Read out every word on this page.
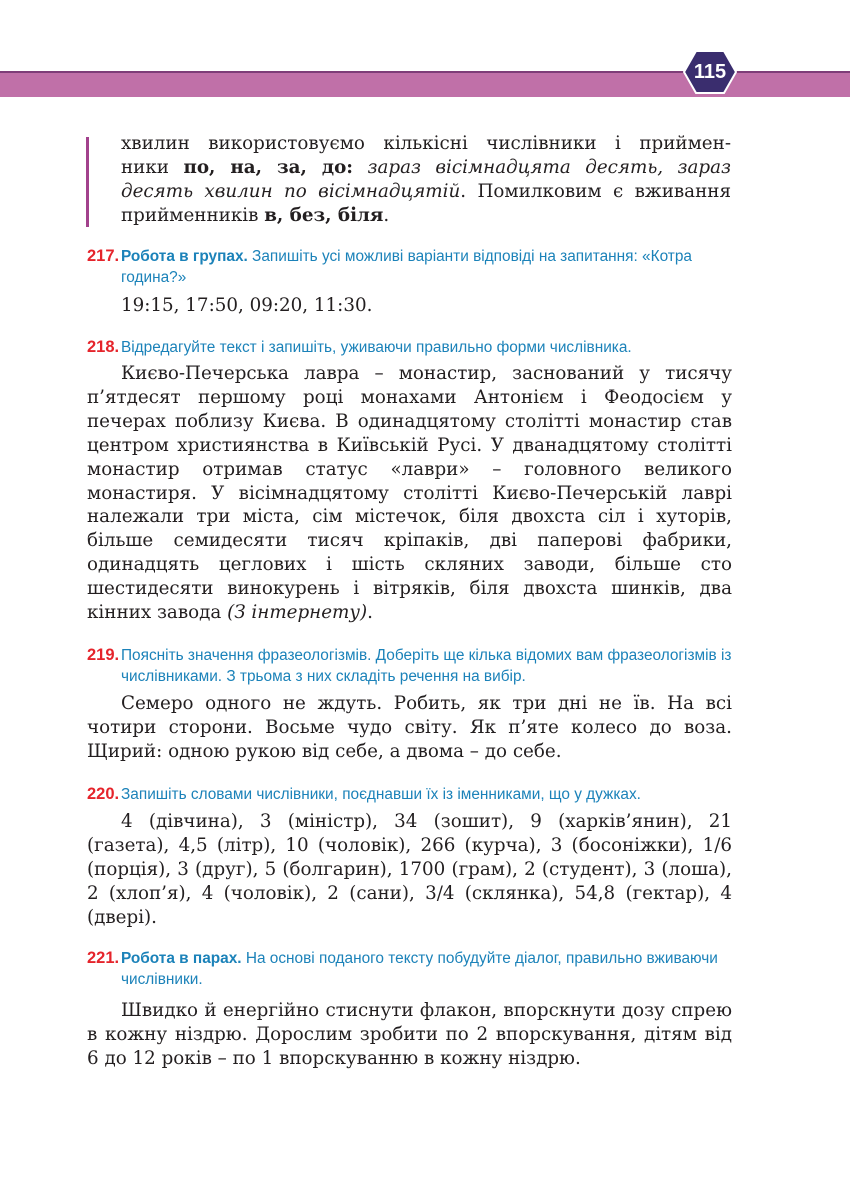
115

хвилин використовуємо кількісні числівники і приймен-

ники по, на, за, до: зараз вісімнадцята десять, зараз

десять хвилин по вісімнадцятій. Помилковим є вживання

прийменників в, без, біля.

217. Робота в групах. Запишіть усі можливі варіанти відповіді на запитання: «Котра година?»

19:15, 17:50, 09:20, 11:30.

218. Відредагуйте текст і запишіть, уживаючи правильно форми числівника.

Києво-Печерська лавра – монастир, заснований у тисячу п’ятдесят першому році монахами Антонієм і Феодосієм у печерах поблизу Києва. В одинадцятому столітті монастир став центром християнства в Київській Русі. У дванадцятому столітті монастир отримав статус «лаври» – головного великого монастиря. У вісімнадцятому столітті Києво-Печерській лаврі належали три міста, сім містечок, біля двохста сіл і хуторів, більше семидесяти тисяч кріпаків, дві паперові фабрики, одинадцять цеглових і шість скляних заводи, більше сто шестидесяти винокурень і вітряків, біля двохста шинків, два кінних завода (З інтернету).

219. Поясніть значення фразеологізмів. Доберіть ще кілька відомих вам фразеологізмів із числівниками. З трьома з них складіть речення на вибір.

Семеро одного не ждуть. Робить, як три дні не їв. На всі чотири сторони. Восьме чудо світу. Як п’яте колесо до воза. Щирий: одною рукою від себе, а двома – до себе.

220. Запишіть словами числівники, поєднавши їх із іменниками, що у дужках.

4 (дівчина), 3 (міністр), 34 (зошит), 9 (харків’янин), 21 (газета), 4,5 (літр), 10 (чоловік), 266 (курча), 3 (босоніжки), 1/6 (порція), 3 (друг), 5 (болгарин), 1700 (грам), 2 (студент), 3 (лоша), 2 (хлоп’я), 4 (чоловік), 2 (сани), 3/4 (склянка), 54,8 (гектар), 4 (двері).

221. Робота в парах. На основі поданого тексту побудуйте діалог, правильно вживаючи числівники.

Швидко й енергійно стиснути флакон, впорскнути дозу спрею в кожну ніздрю. Дорослим зробити по 2 впорскування, дітям від 6 до 12 років – по 1 впорскуванню в кожну ніздрю.
